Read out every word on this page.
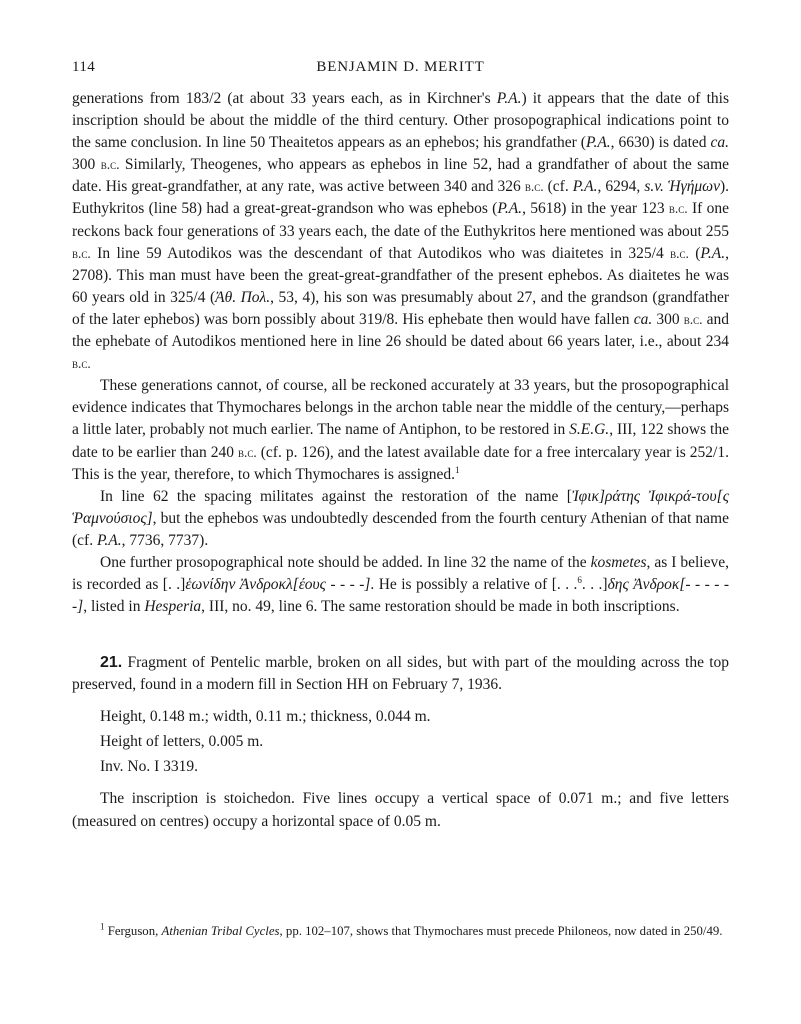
114	BENJAMIN D. MERITT

generations from 183/2 (at about 33 years each, as in Kirchner's P.A.) it appears that the date of this inscription should be about the middle of the third century. Other prosopographical indications point to the same conclusion. In line 50 Theaitetos appears as an ephebos; his grandfather (P.A., 6630) is dated ca. 300 b.c. Similarly, Theogenes, who appears as ephebos in line 52, had a grandfather of about the same date. His great-grandfather, at any rate, was active between 340 and 326 b.c. (cf. P.A., 6294, s.v. Ἡγήμων). Euthykritos (line 58) had a great-great-grandson who was ephebos (P.A., 5618) in the year 123 b.c. If one reckons back four generations of 33 years each, the date of the Euthykritos here mentioned was about 255 b.c. In line 59 Autodikos was the descendant of that Autodikos who was diaitetes in 325/4 b.c. (P.A., 2708). This man must have been the great-great-grandfather of the present ephebos. As diaitetes he was 60 years old in 325/4 (Ἀθ. Πολ., 53, 4), his son was presumably about 27, and the grandson (grandfather of the later ephebos) was born possibly about 319/8. His ephebate then would have fallen ca. 300 b.c. and the ephebate of Autodikos mentioned here in line 26 should be dated about 66 years later, i.e., about 234 b.c.

These generations cannot, of course, all be reckoned accurately at 33 years, but the prosopographical evidence indicates that Thymochares belongs in the archon table near the middle of the century,—perhaps a little later, probably not much earlier. The name of Antiphon, to be restored in S.E.G., III, 122 shows the date to be earlier than 240 b.c. (cf. p. 126), and the latest available date for a free intercalary year is 252/1. This is the year, therefore, to which Thymochares is assigned.$^1$

In line 62 the spacing militates against the restoration of the name [Ἰφικ]ράτης Ἰφικρά-του[ς Ῥαμνούσιος], but the ephebos was undoubtedly descended from the fourth century Athenian of that name (cf. P.A., 7736, 7737).

One further prosopographical note should be added. In line 32 the name of the kosmetes, as I believe, is recorded as [. .]ἑωνίδην Ἀνδροκλ[έους - - - -]. He is possibly a relative of [. . .$^6$. . .]δης Ἀνδροκ[- - - - - -], listed in Hesperia, III, no. 49, line 6. The same restoration should be made in both inscriptions.

21. Fragment of Pentelic marble, broken on all sides, but with part of the moulding across the top preserved, found in a modern fill in Section HH on February 7, 1936.

Height, 0.148 m.; width, 0.11 m.; thickness, 0.044 m.
Height of letters, 0.005 m.
Inv. No. I 3319.

The inscription is stoichedon. Five lines occupy a vertical space of 0.071 m.; and five letters (measured on centres) occupy a horizontal space of 0.05 m.

$^1$ Ferguson, Athenian Tribal Cycles, pp. 102–107, shows that Thymochares must precede Philoneos, now dated in 250/49.
